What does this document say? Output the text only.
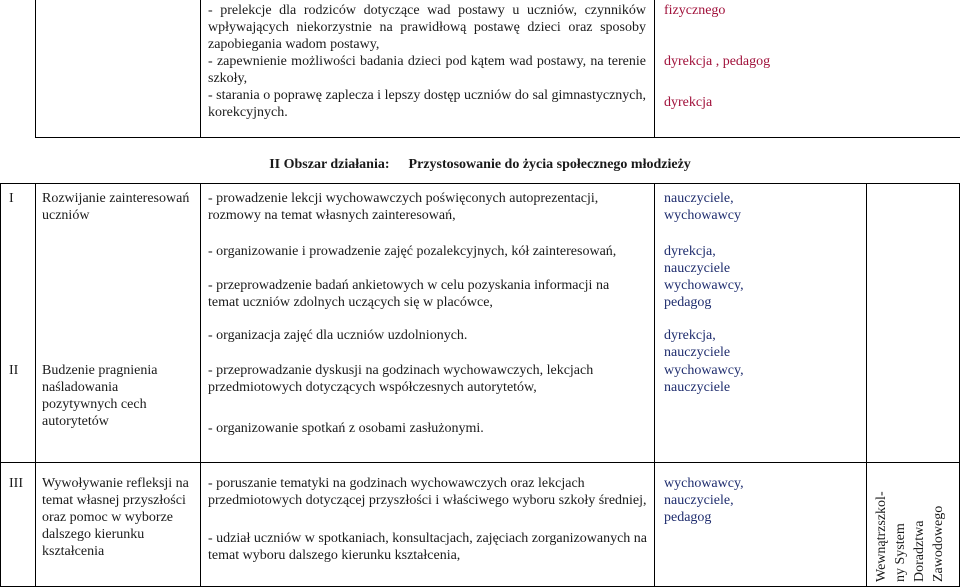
- prelekcje dla rodziców dotyczące wad postawy u uczniów, czynników wpływających niekorzystnie na prawidłową postawę dzieci oraz sposoby zapobiegania wadom postawy,
- zapewnienie możliwości badania dzieci pod kątem wad postawy, na terenie szkoły,
- starania o poprawę zaplecza i lepszy dostęp uczniów do sal gimnastycznych, korekcyjnych.
fizycznego
dyrekcja , pedagog
dyrekcja
II Obszar działania: Przystosowanie do życia społecznego młodzieży
I Rozwijanie zainteresowań uczniów
- prowadzenie lekcji wychowawczych poświęconych autoprezentacji, rozmowy na temat własnych zainteresowań,
nauczyciele, wychowawcy
II Budzenie pragnienia naśladowania pozytywnych cech autorytetów
- organizowanie i prowadzenie zajęć pozalekcyjnych, kół zainteresowań,
- przeprowadzenie badań ankietowych w celu pozyskania informacji na temat uczniów zdolnych uczących się w placówce,
- organizacja zajęć dla uczniów uzdolnionych.
- przeprowadzanie dyskusji na godzinach wychowawczych, lekcjach przedmiotowych dotyczących współczesnych autorytetów,
- organizowanie spotkań z osobami zasłużonymi.
dyrekcja, nauczyciele
wychowawcy, pedagog
dyrekcja, nauczyciele
wychowawcy, nauczyciele
III Wywoływanie refleksji na temat własnej przyszłości oraz pomoc w wyborze dalszego kierunku kształcenia
- poruszanie tematyki na godzinach wychowawczych oraz lekcjach przedmiotowych dotyczącej przyszłości i właściwego wyboru szkoły średniej,
- udział uczniów w spotkaniach, konsultacjach, zajęciach zorganizowanych na temat wyboru dalszego kierunku kształcenia,
wychowawcy, nauczyciele, pedagog	Wewnątrzszkol- ny System Doradztwa Zawodowego
